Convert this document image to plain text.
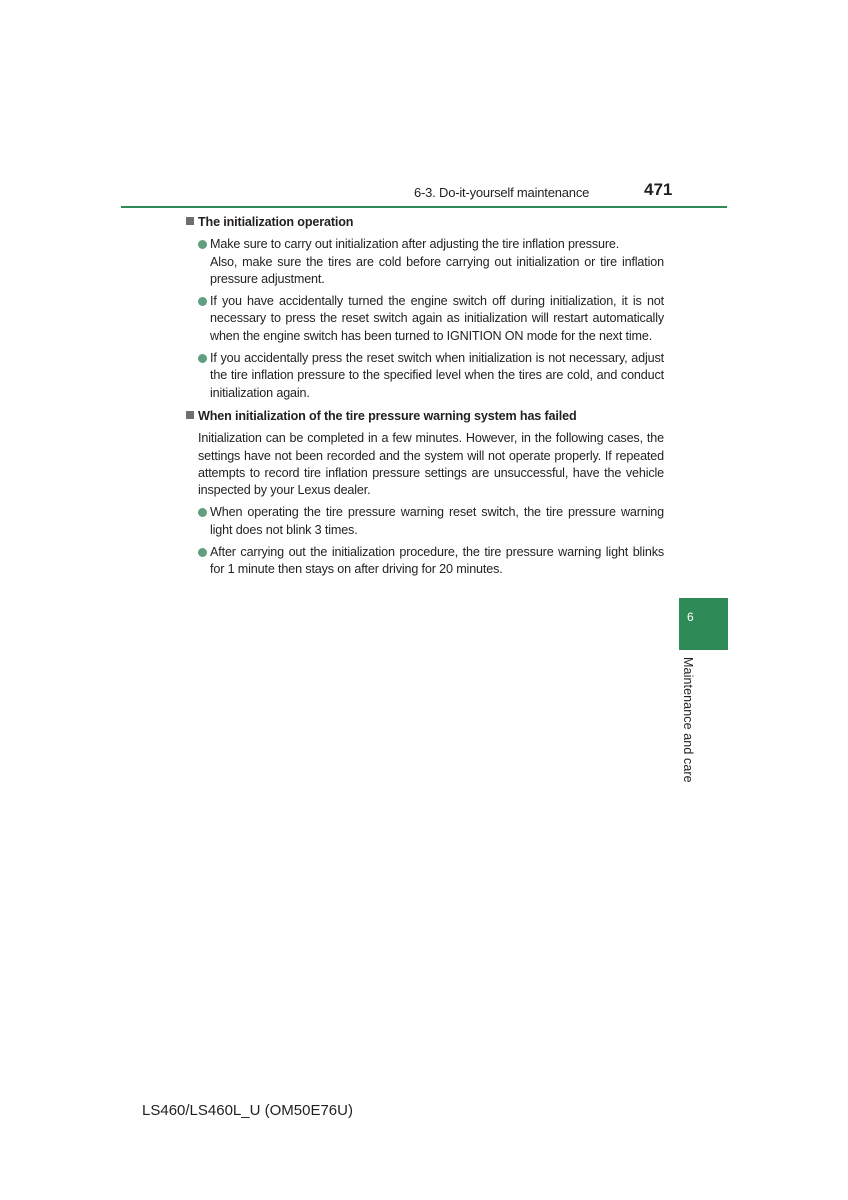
6-3. Do-it-yourself maintenance	471
The initialization operation
Make sure to carry out initialization after adjusting the tire inflation pressure.
Also, make sure the tires are cold before carrying out initialization or tire inflation pressure adjustment.
If you have accidentally turned the engine switch off during initialization, it is not necessary to press the reset switch again as initialization will restart automatically when the engine switch has been turned to IGNITION ON mode for the next time.
If you accidentally press the reset switch when initialization is not necessary, adjust the tire inflation pressure to the specified level when the tires are cold, and conduct initialization again.
When initialization of the tire pressure warning system has failed
Initialization can be completed in a few minutes. However, in the following cases, the settings have not been recorded and the system will not operate properly. If repeated attempts to record tire inflation pressure settings are unsuccessful, have the vehicle inspected by your Lexus dealer.
When operating the tire pressure warning reset switch, the tire pressure warning light does not blink 3 times.
After carrying out the initialization procedure, the tire pressure warning light blinks for 1 minute then stays on after driving for 20 minutes.
6
Maintenance and care
LS460/LS460L_U (OM50E76U)
